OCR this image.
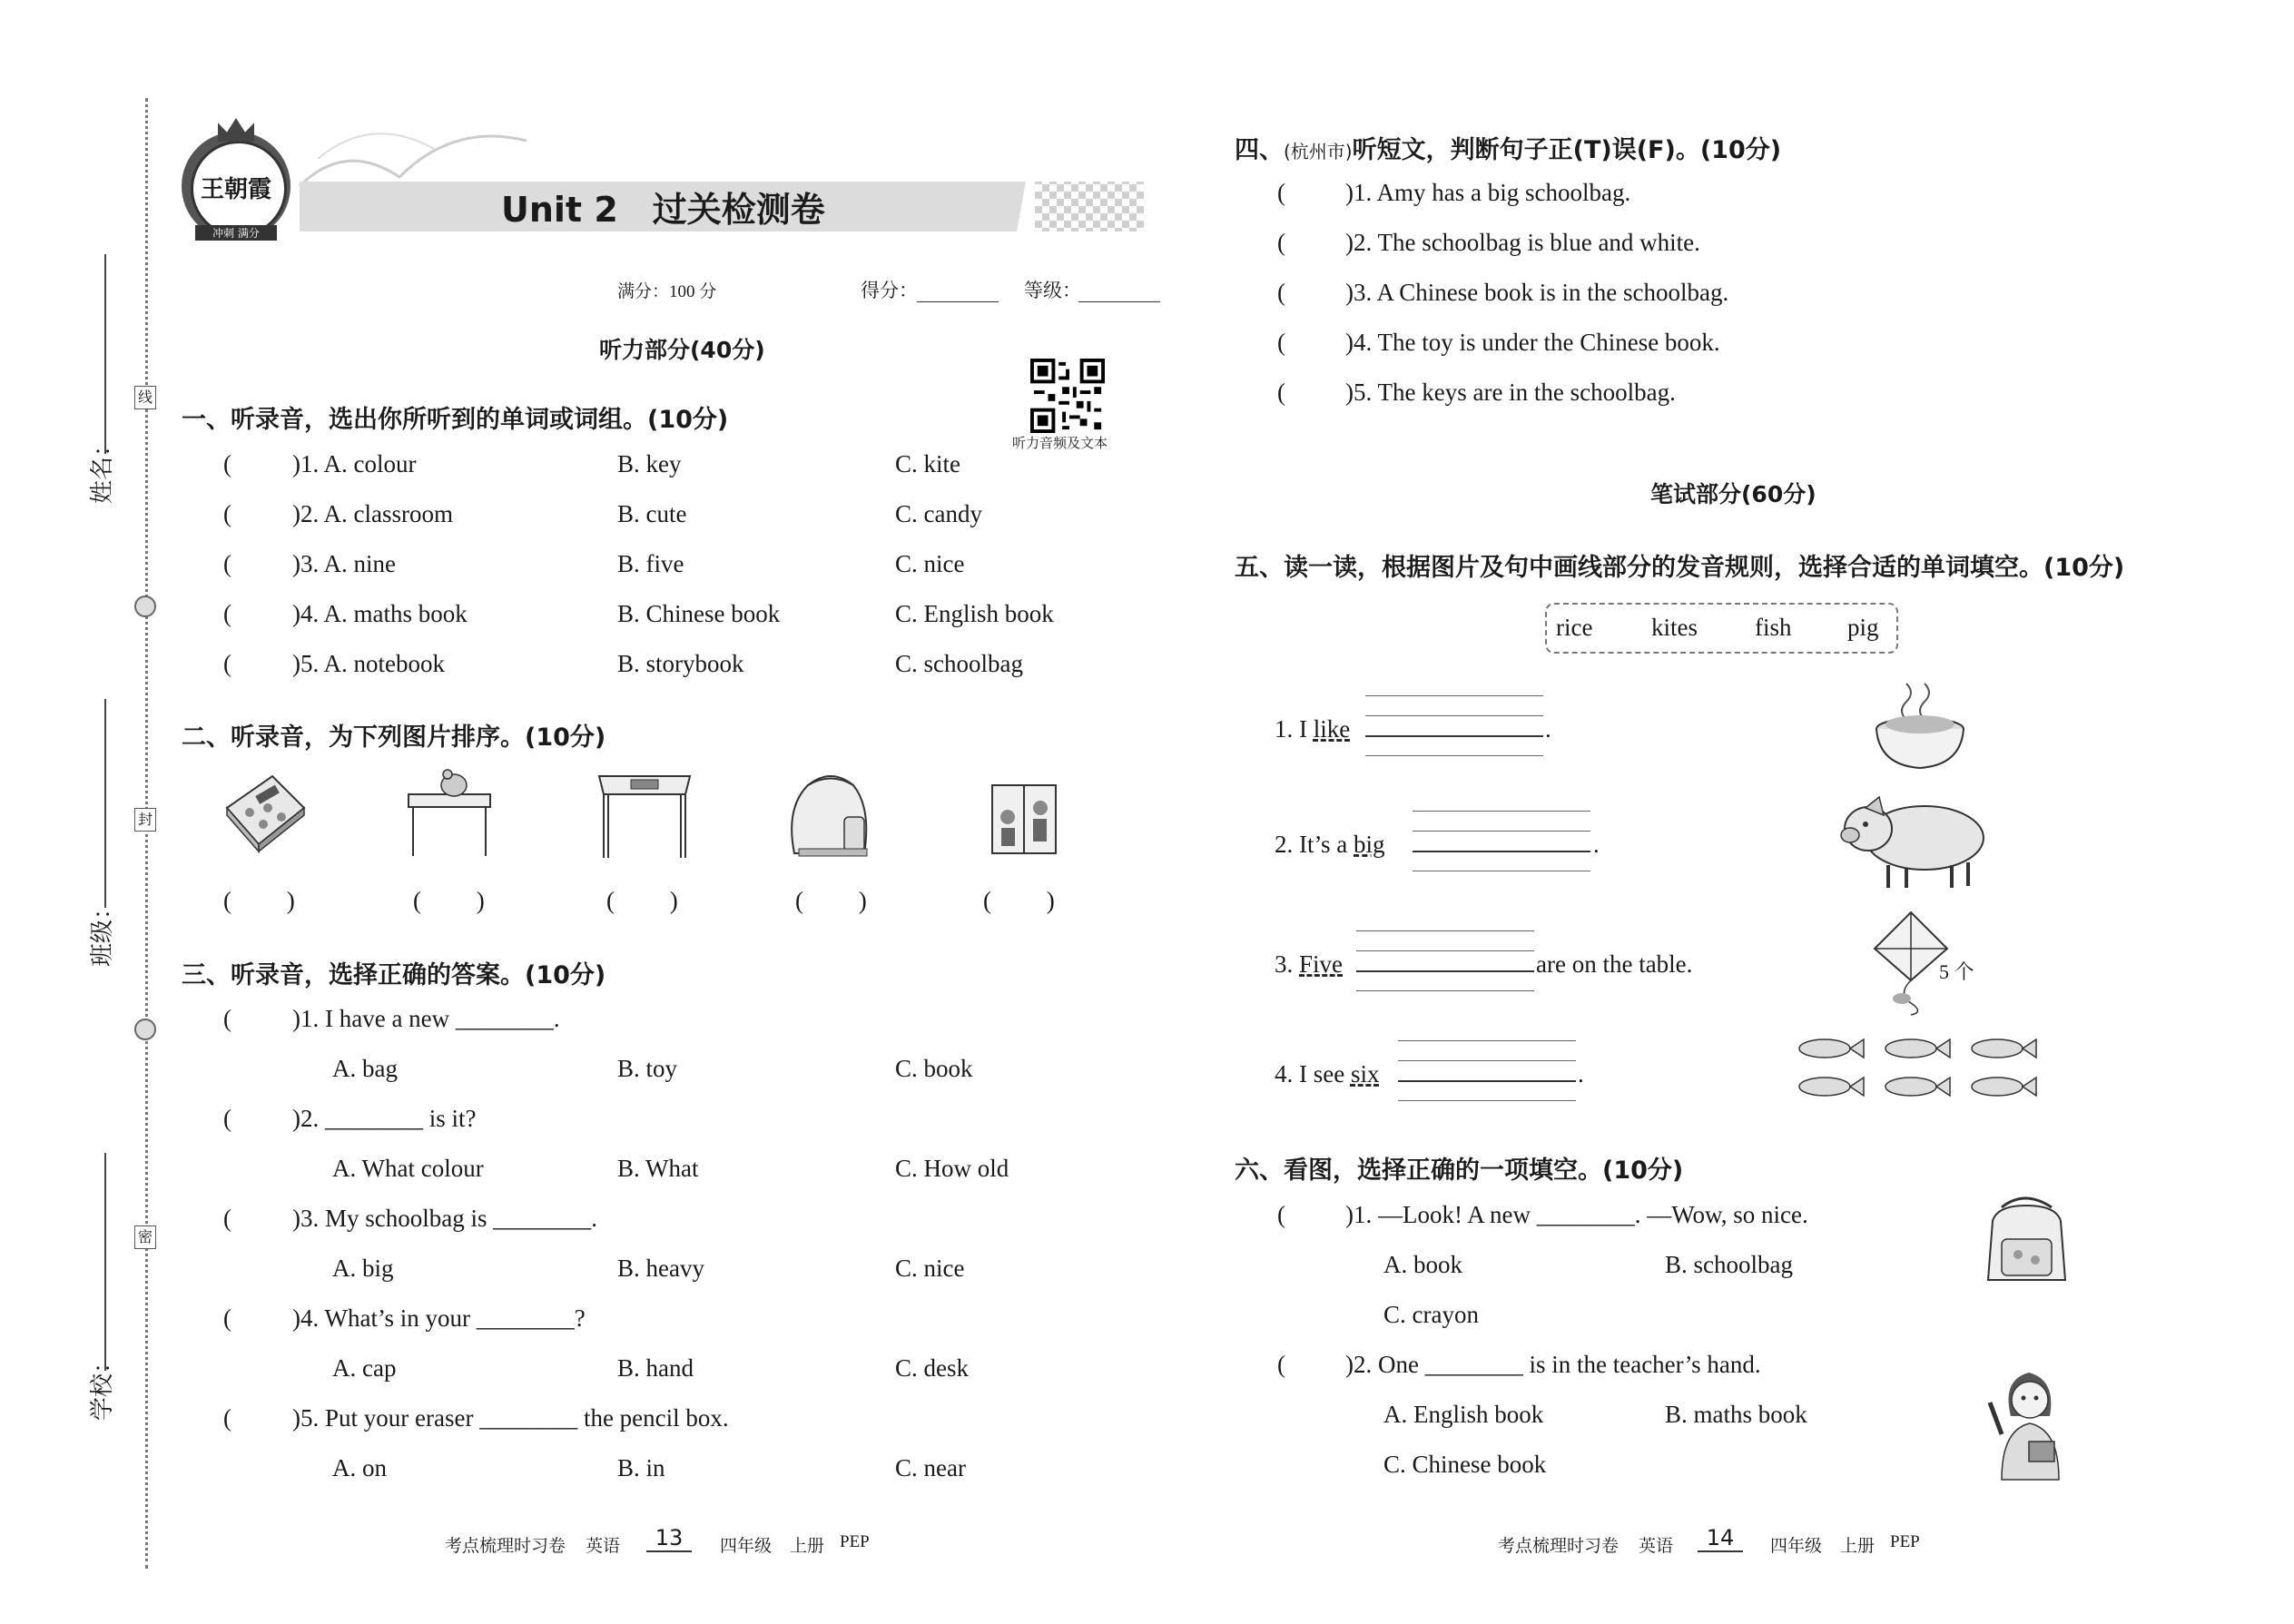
姓名：
班级：
学校：
线
封
密
王朝霞
冲刺 满分
Unit 2　过关检测卷
满分：100 分	得分：	等级：
听力部分(40分)
听力音频及文本
一、听录音，选出你所听到的单词或词组。(10分)
( )1. A. colour	B. key	C. kite
( )2. A. classroom	B. cute	C. candy
( )3. A. nine	B. five	C. nice
( )4. A. maths book	B. Chinese book	C. English book
( )5. A. notebook	B. storybook	C. schoolbag
二、听录音，为下列图片排序。(10分)
(　　 )	(　　 )	(　　 )	(　　 )	(　　 )
三、听录音，选择正确的答案。(10分)
( )1. I have a new ________.
A. bag	B. toy	C. book
( )2. ________ is it?
A. What colour	B. What	C. How old
( )3. My schoolbag is ________.
A. big	B. heavy	C. nice
( )4. What’s in your ________?
A. cap	B. hand	C. desk
( )5. Put your eraser ________ the pencil box.
A. on	B. in	C. near
考点梳理时习卷 英语	13	四年级 上册 PEP
四、(杭州市)听短文，判断句子正(T)误(F)。(10分)
( )1. Amy has a big schoolbag.
( )2. The schoolbag is blue and white.
( )3. A Chinese book is in the schoolbag.
( )4. The toy is under the Chinese book.
( )5. The keys are in the schoolbag.
笔试部分(60分)
五、读一读，根据图片及句中画线部分的发音规则，选择合适的单词填空。(10分)
rice kites fish pig
1. I like	.
2. It’s a big	.
3. Five	are on the table.
4. I see six	.
5 个
六、看图，选择正确的一项填空。(10分)
( )1. —Look! A new ________. —Wow, so nice.
A. book	B. schoolbag
C. crayon
( )2. One ________ is in the teacher’s hand.
A. English book	B. maths book
C. Chinese book
考点梳理时习卷 英语	14	四年级 上册 PEP
